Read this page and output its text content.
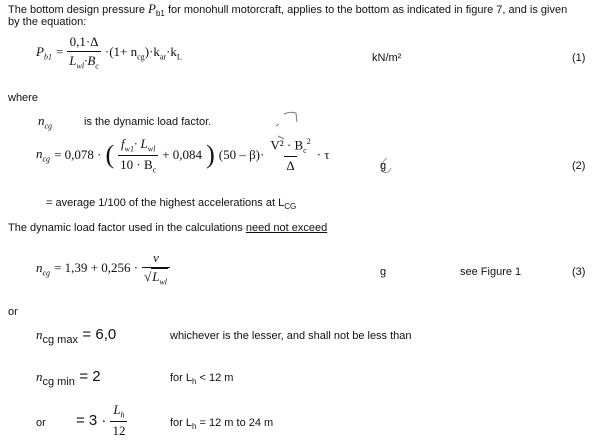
The bottom design pressure $P_{b1}$ for monohull motorcraft, applies to the bottom as indicated in figure 7, and is given
by the equation:
$P_{b1} = \frac{0,1\cdot\Delta}{L_{wl}\cdot B_c} \cdot(1+ n_{cg})\cdot k_{ar}\cdot k_L$	kN/m²	(1)
where
$n_{cg}$	is the dynamic load factor.
$n_{cg} = 0,078$ · ( $\frac{f_{w1}\cdot L_{wl}}{10 \cdot B_c} + 0,084$ ) $(50 - \beta)\cdot \frac{V^2 \cdot B_c^2}{\Delta} \cdot \tau$
g	(2)
= average 1/100 of the highest accelerations at $L_{CG}$
The dynamic load factor used in the calculations need not exceed
$n_{cg} = 1,39 + 0,256 \cdot \frac{v}{√L_{wl}}$	g	see Figure 1	(3)
or
$n_{cg max} = 6,0$	whichever is the lesser, and shall not be less than
$n_{cg min} = 2$	for $L_h < 12$ m
or = $3 \cdot \frac{L_h}{12}$	for $L_h = 12$ m to 24 m
